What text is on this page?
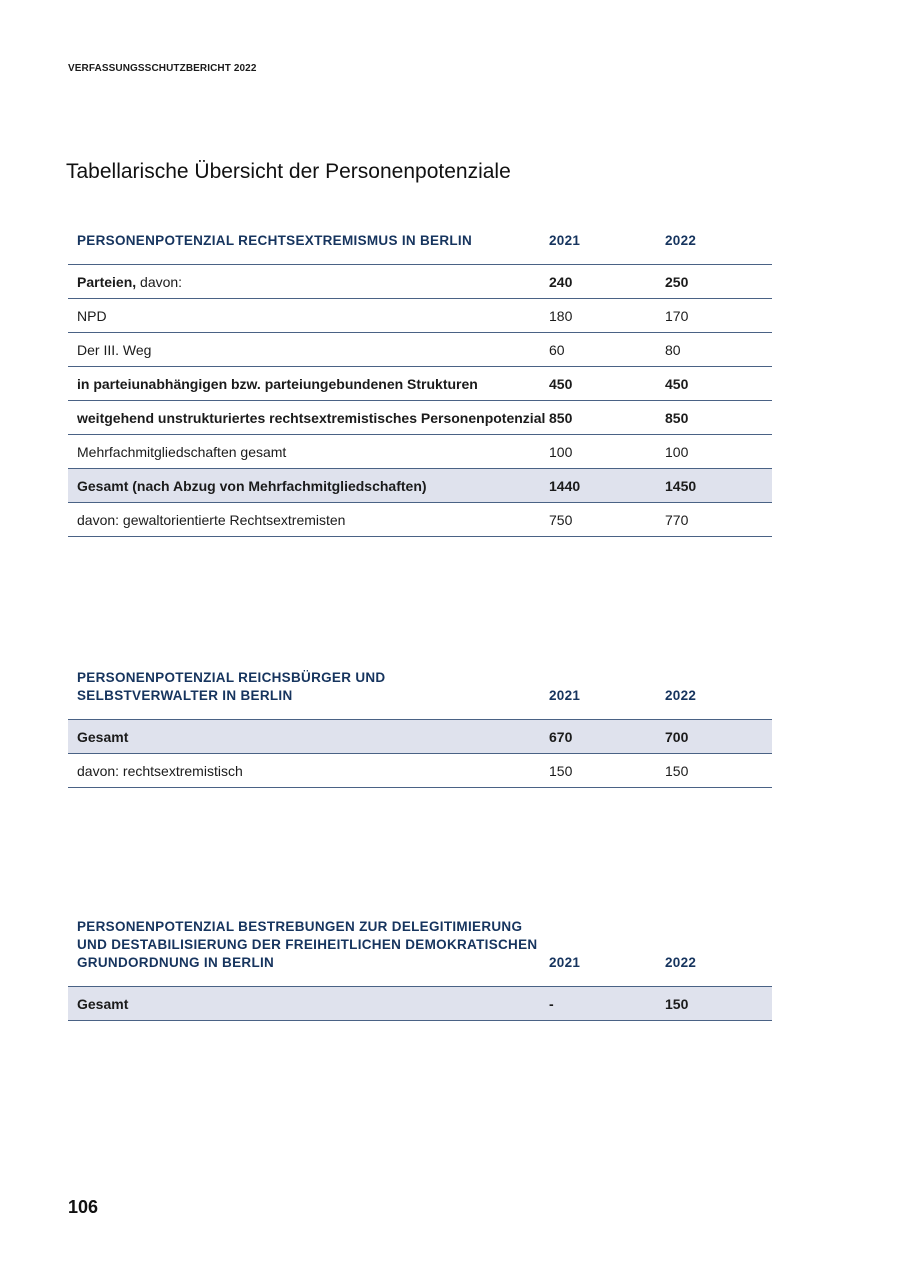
VERFASSUNGSSCHUTZBERICHT 2022
Tabellarische Übersicht der Personenpotenziale
PERSONENPOTENZIAL RECHTSEXTREMISMUS IN BERLIN	2021	2022
Parteien, davon:	240	250
NPD	180	170
Der III. Weg	60	80
in parteiunabhängigen bzw. parteiungebundenen Strukturen	450	450
weitgehend unstrukturiertes rechtsextremistisches Personenpotenzial	850	850
Mehrfachmitgliedschaften gesamt	100	100
Gesamt (nach Abzug von Mehrfachmitgliedschaften)	1440	1450
davon: gewaltorientierte Rechtsextremisten	750	770
PERSONENPOTENZIAL REICHSBÜRGER UND
SELBSTVERWALTER IN BERLIN	2021	2022
Gesamt	670	700
davon: rechtsextremistisch	150	150
PERSONENPOTENZIAL BESTREBUNGEN ZUR DELEGITIMIERUNG
UND DESTABILISIERUNG DER FREIHEITLICHEN DEMOKRATISCHEN
GRUNDORDNUNG IN BERLIN	2021	2022
Gesamt	-	150
106
